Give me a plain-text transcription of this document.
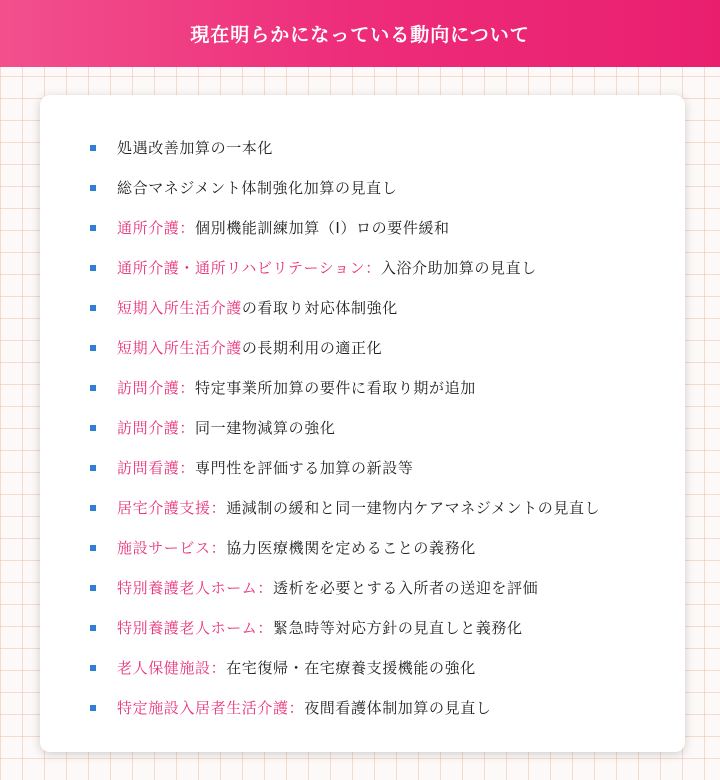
現在明らかになっている動向について
処遇改善加算の一本化
総合マネジメント体制強化加算の見直し
通所介護：個別機能訓練加算（Ⅰ）ロの要件緩和
通所介護・通所リハビリテーション：入浴介助加算の見直し
短期入所生活介護の看取り対応体制強化
短期入所生活介護の長期利用の適正化
訪問介護：特定事業所加算の要件に看取り期が追加
訪問介護：同一建物減算の強化
訪問看護：専門性を評価する加算の新設等
居宅介護支援：逓減制の緩和と同一建物内ケアマネジメントの見直し
施設サービス：協力医療機関を定めることの義務化
特別養護老人ホーム：透析を必要とする入所者の送迎を評価
特別養護老人ホーム：緊急時等対応方針の見直しと義務化
老人保健施設：在宅復帰・在宅療養支援機能の強化
特定施設入居者生活介護：夜間看護体制加算の見直し
